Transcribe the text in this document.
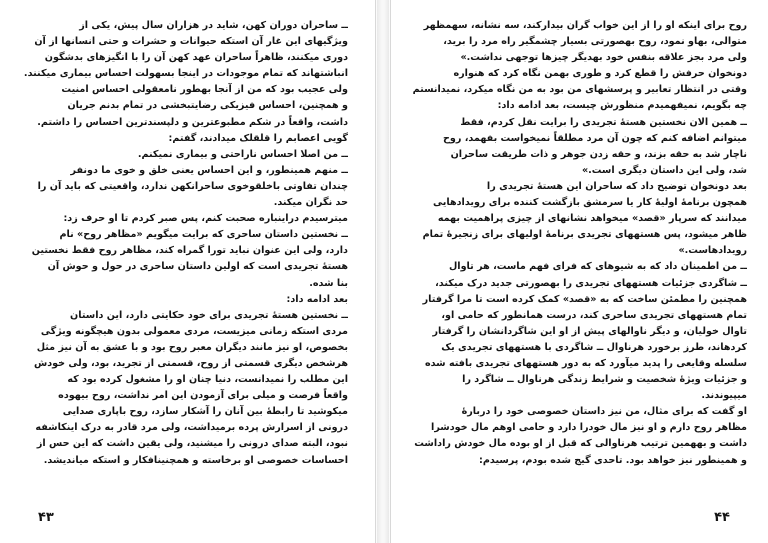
ــ ساحران دوران کهن، شاید در هزاران سال پیش، یکی از
ویژگیهای این غار آن استکه حیوانات و حشرات و حتی انسانها از آن
دوری میکنند، ظاهراً ساحران عهد کهن آن را با انگیزهای بدشگون
انباشتهاند که تمام موجودات در اینجا بسهولت احساس بیماری میکنند.
ولی عجیب بود که من از آنجا بهطور نامعقولی احساس امنیت
و همچنین، احساس فیزیکی رضایتبخشی در تمام بدنم جریان
داشت، واقعاً در شکم مطبوعترین و دلپسندترین احساس را داشتم.
گویی اعصابم را قلقلک میدادند، گفتم:
ــ من اصلا احساس ناراحتی و بیماری نمیکنم.
ــ منهم همینطور، و این احساس یعنی خلق و خوی ما دونفر
چندان تفاوتی باخلقوخوی ساحرانکهن ندارد، واقعیتی که باید آن را
حد نگران میکند.
میترسیدم دراینباره صحبت کنم، پس صبر کردم تا او حرف زد:
ــ نخستین داستان ساحری که برایت میگویم «مظاهر روح» نام
دارد، ولی این عنوان نباید تورا گمراه کند، مظاهر روح فقط نخستین
هستهٔ تجریدی است که اولین داستان ساحری در حول و حوش آن
بنا شده.
بعد ادامه داد:
ــ نخستین هستهٔ تجریدی برای خود حکایتی دارد، این داستان
مردی استکه زمانی میزیست، مردی معمولی بدون هیچگونه ویژگی
بخصوص، او نیز مانند دیگران معبر روح بود و با عشق به آن نیز مثل
هرشخص دیگری قسمتی از روح، قسمتی از تجرید، بود، ولی خودش
این مطلب را نمیدانست، دنیا چنان او را مشغول کرده بود که
واقعاً فرصت و میلی برای آزمودن این امر نداشت، روح بیهوده
میکوشید تا رابطهٔ بین آنان را آشکار سازد، روح باپاری صدایی
درونی از اسرارش پرده برمیداشت، ولی مرد قادر به درک اینکاشفه
نبود، البته صدای درونی را میشنید، ولی یقین داشت که این حس از
احساسات خصوصی او برخاسته و همچنینافکار و استکه میاندیشد.
۴۳
روح برای اینکه او را از این خواب گران بیدارکند، سه نشانه، سهمظهر
متوالی، بهاو نمود، روح بهصورتی بسیار چشمگیر راه مرد را برید،
ولی مرد بجز علاقه بنفس خود بهدیگر چیزها توجهی نداشت.»
دونخوان حرفش را قطع کرد و طوری بهمن نگاه کرد که هنواره
وقتی در انتظار تعابیر و پرسشهای من بود به من نگاه میکرد، نمیدانستم
چه بگویم، نمیفهمیدم منظورش چیست، بعد ادامه داد:
ــ همین الان نخستین هستهٔ تجریدی را برایت نقل کردم، فقط
میتوانم اضافه کنم که چون آن مرد مطلقاً نمیخواست بفهمد، روح
ناچار شد به حقه بزند، و حقه زدن جوهر و ذات طریقت ساحران
شد، ولی این داستان دیگری است.»
بعد دونخوان توضیح داد که ساحران این هستهٔ تجریدی را
همچون برنامهٔ اولیهٔ کار یا سرمشق بازگشت کننده برای رویدادهایی
میدانند که سرپار «قصد» میخواهد نشانهای از چیزی پراهمیت بهمه
ظاهر میشود، پس هستههای تجریدی برنامهٔ اولیهای برای زنجیرهٔ تمام
رویدادهاست.»
ــ من اطمینان داد که به شیوهای که فرای فهم ماست، هر تاوال
ــ شاگردی جزئیات هستههای تجریدی را بهصورتی جدید درک میکند،
همچنین را مطمئن ساخت که به «قصد» کمک کرده است تا مرا گرفتار
تمام هستههای تجریدی ساحری کند، درست همانطور که حامی او،
تاوال خولیان، و دیگر ناوالهای پیش از او این شاگردانشان را گرفتار
کردهاند، طرز برخورد هرناوال ــ شاگردی با هستههای تجریدی یک
سلسله وقایعی را پدید میآورد که به دور هستههای تجریدی بافته شده
و جزئیات ویژهٔ شخصیت و شرایط زندگی هرناوال ــ شاگرد را
میپیوندند.
او گفت که برای مثال، من نیز داستان خصوصی خود را دربارهٔ
مظاهر روح دارم و او نیز مال خودرا دارد و حامی اوهم مال خودشرا
داشت و بههمین ترتیب هرناوالی که قبل از او بوده مال خودش راداشت
و همینطور نیز خواهد بود. تاحدی گیج شده بودم، پرسیدم:
۴۴
